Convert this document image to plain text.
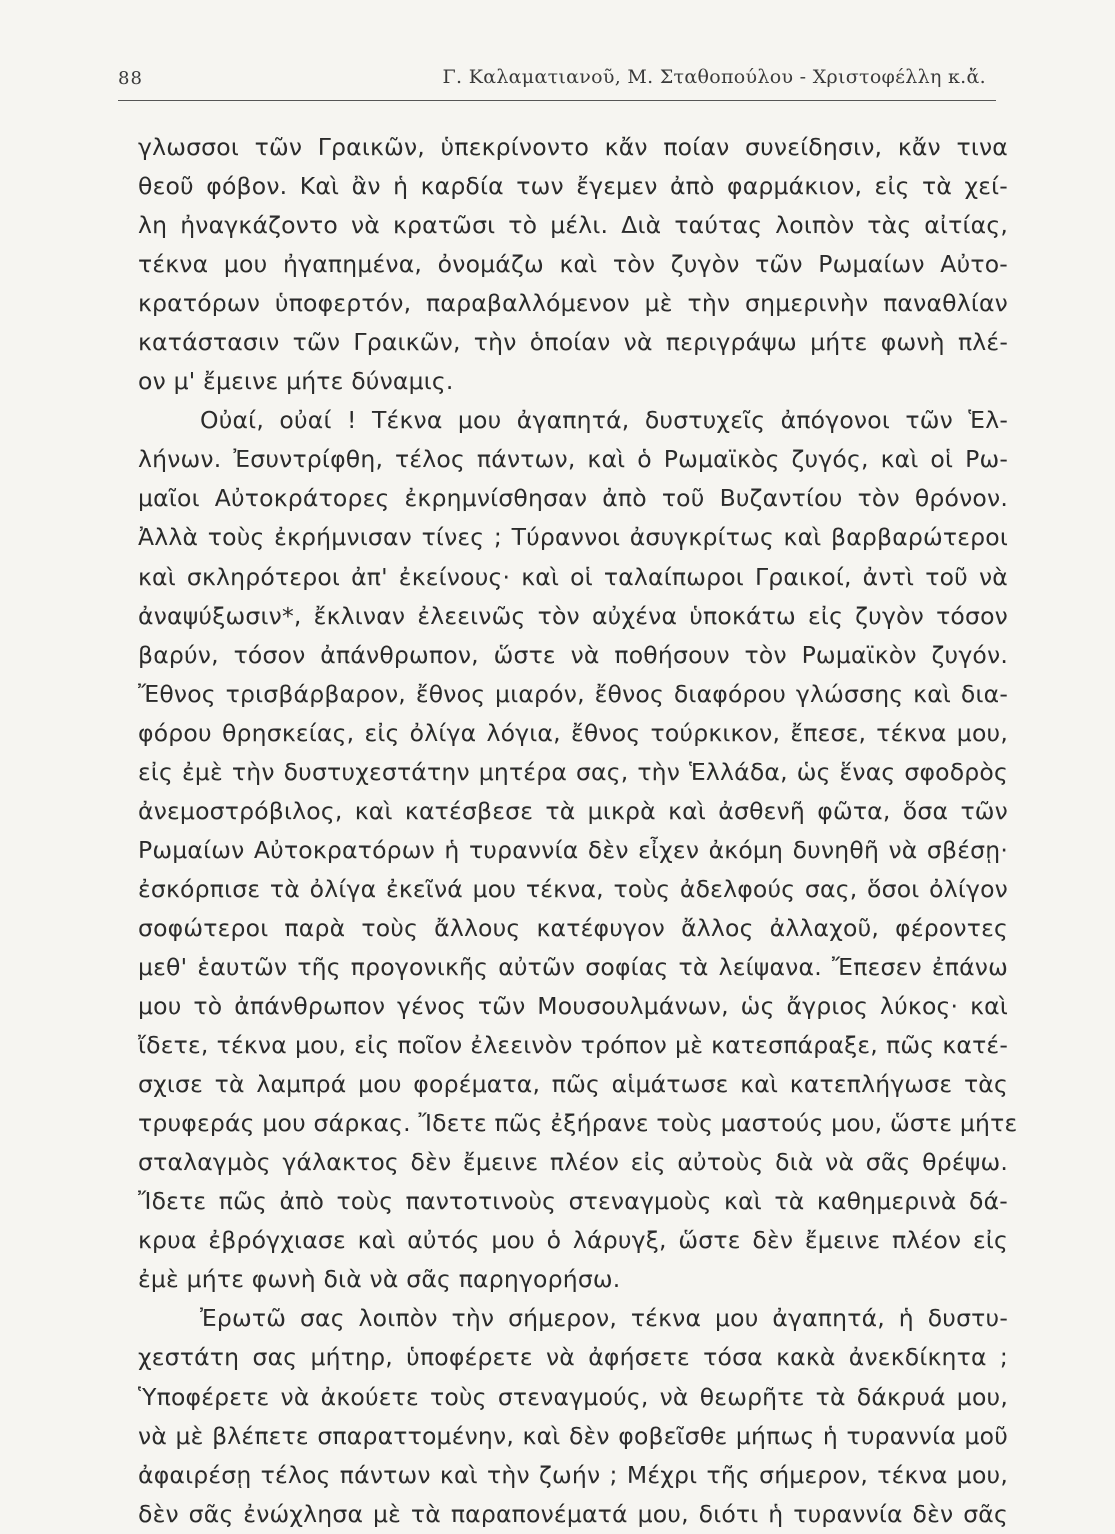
88	Γ. Καλαματιανοῦ, Μ. Σταθοπούλου - Χριστοφέλλη κ.ἄ.
γλωσσοι τῶν Γραικῶν, ὑπεκρίνοντο κἄν ποίαν συνείδησιν, κἄν τινα
θεοῦ φόβον. Καὶ ἂν ἡ καρδία των ἔγεμεν ἀπὸ φαρμάκιον, εἰς τὰ χεί-
λη ἠναγκάζοντο νὰ κρατῶσι τὸ μέλι. Διὰ ταύτας λοιπὸν τὰς αἰτίας,
τέκνα μου ἠγαπημένα, ὀνομάζω καὶ τὸν ζυγὸν τῶν Ρωμαίων Αὐτο-
κρατόρων ὑποφερτόν, παραβαλλόμενον μὲ τὴν σημερινὴν παναθλίαν
κατάστασιν τῶν Γραικῶν, τὴν ὁποίαν νὰ περιγράψω μήτε φωνὴ πλέ-
ον μ' ἔμεινε μήτε δύναμις.
Οὐαί, οὐαί ! Τέκνα μου ἀγαπητά, δυστυχεῖς ἀπόγονοι τῶν Ἑλ-
λήνων. Ἐσυντρίφθη, τέλος πάντων, καὶ ὁ Ρωμαϊκὸς ζυγός, καὶ οἱ Ρω-
μαῖοι Αὐτοκράτορες ἐκρημνίσθησαν ἀπὸ τοῦ Βυζαντίου τὸν θρόνον.
Ἀλλὰ τοὺς ἐκρήμνισαν τίνες ; Τύραννοι ἀσυγκρίτως καὶ βαρβαρώτεροι
καὶ σκληρότεροι ἀπ' ἐκείνους· καὶ οἱ ταλαίπωροι Γραικοί, ἀντὶ τοῦ νὰ
ἀναψύξωσιν*, ἔκλιναν ἐλεεινῶς τὸν αὐχένα ὑποκάτω εἰς ζυγὸν τόσον
βαρύν, τόσον ἀπάνθρωπον, ὥστε νὰ ποθήσουν τὸν Ρωμαϊκὸν ζυγόν.
Ἔθνος τρισβάρβαρον, ἔθνος μιαρόν, ἔθνος διαφόρου γλώσσης καὶ δια-
φόρου θρησκείας, εἰς ὀλίγα λόγια, ἔθνος τούρκικον, ἔπεσε, τέκνα μου,
εἰς ἐμὲ τὴν δυστυχεστάτην μητέρα σας, τὴν Ἑλλάδα, ὡς ἕνας σφοδρὸς
ἀνεμοστρόβιλος, καὶ κατέσβεσε τὰ μικρὰ καὶ ἀσθενῆ φῶτα, ὅσα τῶν
Ρωμαίων Αὐτοκρατόρων ἡ τυραννία δὲν εἶχεν ἀκόμη δυνηθῆ νὰ σβέσῃ·
ἐσκόρπισε τὰ ὀλίγα ἐκεῖνά μου τέκνα, τοὺς ἀδελφούς σας, ὅσοι ὀλίγον
σοφώτεροι παρὰ τοὺς ἄλλους κατέφυγον ἄλλος ἀλλαχοῦ, φέροντες
μεθ' ἑαυτῶν τῆς προγονικῆς αὐτῶν σοφίας τὰ λείψανα. Ἔπεσεν ἐπάνω
μου τὸ ἀπάνθρωπον γένος τῶν Μουσουλμάνων, ὡς ἄγριος λύκος· καὶ
ἴδετε, τέκνα μου, εἰς ποῖον ἐλεεινὸν τρόπον μὲ κατεσπάραξε, πῶς κατέ-
σχισε τὰ λαμπρά μου φορέματα, πῶς αἱμάτωσε καὶ κατεπλήγωσε τὰς
τρυφεράς μου σάρκας. Ἴδετε πῶς ἐξήρανε τοὺς μαστούς μου, ὥστε μήτε
σταλαγμὸς γάλακτος δὲν ἔμεινε πλέον εἰς αὐτοὺς διὰ νὰ σᾶς θρέψω.
Ἴδετε πῶς ἀπὸ τοὺς παντοτινοὺς στεναγμοὺς καὶ τὰ καθημερινὰ δά-
κρυα ἐβρόγχιασε καὶ αὐτός μου ὁ λάρυγξ, ὥστε δὲν ἔμεινε πλέον εἰς
ἐμὲ μήτε φωνὴ διὰ νὰ σᾶς παρηγορήσω.
Ἐρωτῶ σας λοιπὸν τὴν σήμερον, τέκνα μου ἀγαπητά, ἡ δυστυ-
χεστάτη σας μήτηρ, ὑποφέρετε νὰ ἀφήσετε τόσα κακὰ ἀνεκδίκητα ;
Ὑποφέρετε νὰ ἀκούετε τοὺς στεναγμούς, νὰ θεωρῆτε τὰ δάκρυά μου,
νὰ μὲ βλέπετε σπαραττομένην, καὶ δὲν φοβεῖσθε μήπως ἡ τυραννία μοῦ
ἀφαιρέσῃ τέλος πάντων καὶ τὴν ζωήν ; Μέχρι τῆς σήμερον, τέκνα μου,
δὲν σᾶς ἐνώχλησα μὲ τὰ παραπονέματά μου, διότι ἡ τυραννία δὲν σᾶς
